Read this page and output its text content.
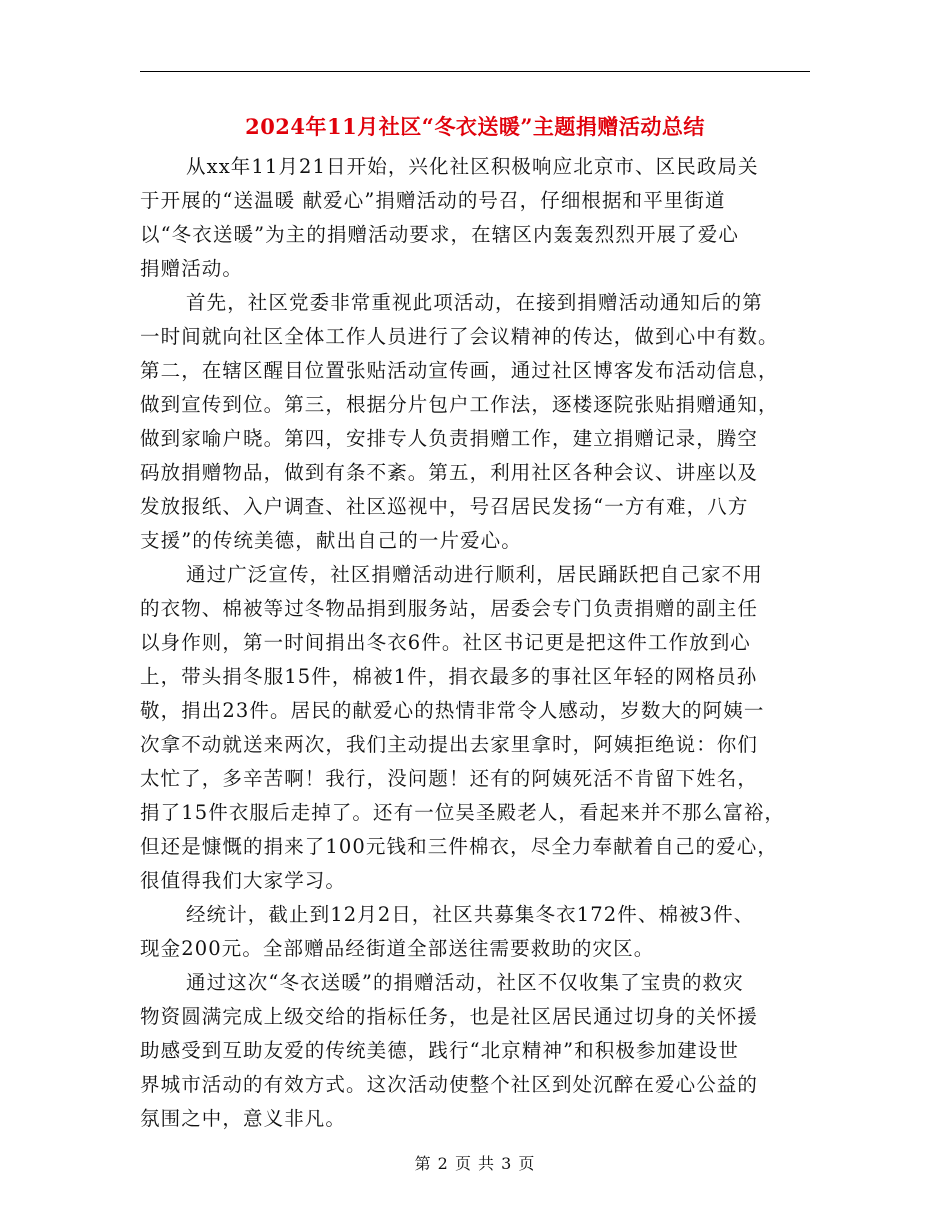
2024年11月社区“冬衣送暖”主题捐赠活动总结
从xx年11月21日开始，兴化社区积极响应北京市、区民政局关
于开展的“送温暖 献爱心”捐赠活动的号召，仔细根据和平里街道
以“冬衣送暖”为主的捐赠活动要求，在辖区内轰轰烈烈开展了爱心
捐赠活动。
首先，社区党委非常重视此项活动，在接到捐赠活动通知后的第
一时间就向社区全体工作人员进行了会议精神的传达，做到心中有数。
第二，在辖区醒目位置张贴活动宣传画，通过社区博客发布活动信息，
做到宣传到位。第三，根据分片包户工作法，逐楼逐院张贴捐赠通知，
做到家喻户晓。第四，安排专人负责捐赠工作，建立捐赠记录，腾空
码放捐赠物品，做到有条不紊。第五，利用社区各种会议、讲座以及
发放报纸、入户调查、社区巡视中，号召居民发扬“一方有难，八方
支援”的传统美德，献出自己的一片爱心。
通过广泛宣传，社区捐赠活动进行顺利，居民踊跃把自己家不用
的衣物、棉被等过冬物品捐到服务站，居委会专门负责捐赠的副主任
以身作则，第一时间捐出冬衣6件。社区书记更是把这件工作放到心
上，带头捐冬服15件，棉被1件，捐衣最多的事社区年轻的网格员孙
敬，捐出23件。居民的献爱心的热情非常令人感动，岁数大的阿姨一
次拿不动就送来两次，我们主动提出去家里拿时，阿姨拒绝说：你们
太忙了，多辛苦啊！我行，没问题！还有的阿姨死活不肯留下姓名，
捐了15件衣服后走掉了。还有一位吴圣殿老人，看起来并不那么富裕，
但还是慷慨的捐来了100元钱和三件棉衣，尽全力奉献着自己的爱心，
很值得我们大家学习。
经统计，截止到12月2日，社区共募集冬衣172件、棉被3件、
现金200元。全部赠品经街道全部送往需要救助的灾区。
通过这次“冬衣送暖”的捐赠活动，社区不仅收集了宝贵的救灾
物资圆满完成上级交给的指标任务，也是社区居民通过切身的关怀援
助感受到互助友爱的传统美德，践行“北京精神”和积极参加建设世
界城市活动的有效方式。这次活动使整个社区到处沉醉在爱心公益的
氛围之中，意义非凡。
第 2 页 共 3 页
